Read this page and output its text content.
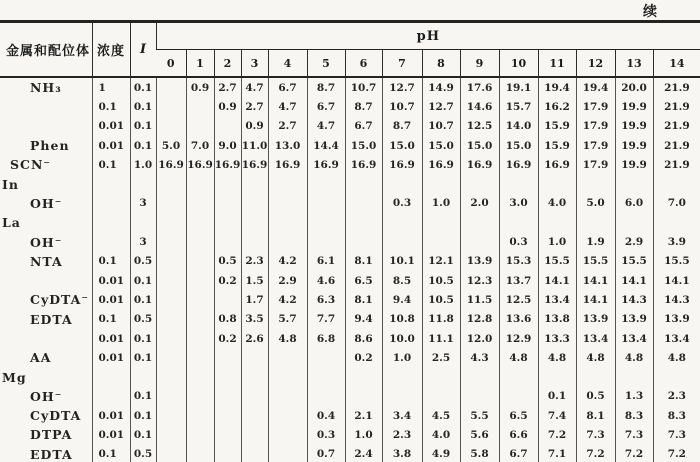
续
金属和配位体	浓度	I	pH														
			0	1	2	3	4	5	6	7	8	9	10	11	12	13	14
NH₃	1	0.1		0.9	2.7	4.7	6.7	8.7	10.7	12.7	14.9	17.6	19.1	19.4	19.4	20.0	21.9
	0.1	0.1			0.9	2.7	4.7	6.7	8.7	10.7	12.7	14.6	15.7	16.2	17.9	19.9	21.9
	0.01	0.1				0.9	2.7	4.7	6.7	8.7	10.7	12.5	14.0	15.9	17.9	19.9	21.9
Phen	0.01	0.1	5.0	7.0	9.0	11.0	13.0	14.4	15.0	15.0	15.0	15.0	15.0	15.9	17.9	19.9	21.9
SCN⁻	0.1	1.0	16.9	16.9	16.9	16.9	16.9	16.9	16.9	16.9	16.9	16.9	16.9	16.9	17.9	19.9	21.9
In																	
OH⁻		3								0.3	1.0	2.0	3.0	4.0	5.0	6.0	7.0
La																	
OH⁻		3											0.3	1.0	1.9	2.9	3.9
NTA	0.1	0.5			0.5	2.3	4.2	6.1	8.1	10.1	12.1	13.9	15.3	15.5	15.5	15.5	15.5
	0.01	0.1			0.2	1.5	2.9	4.6	6.5	8.5	10.5	12.3	13.7	14.1	14.1	14.1	14.1
CyDTA⁻	0.01	0.1				1.7	4.2	6.3	8.1	9.4	10.5	11.5	12.5	13.4	14.1	14.3	14.3
EDTA	0.1	0.5			0.8	3.5	5.7	7.7	9.4	10.8	11.8	12.8	13.6	13.8	13.9	13.9	13.9
	0.01	0.1			0.2	2.6	4.8	6.8	8.6	10.0	11.1	12.0	12.9	13.3	13.4	13.4	13.4
AA	0.01	0.1							0.2	1.0	2.5	4.3	4.8	4.8	4.8	4.8	4.8
Mg																	
OH⁻		0.1												0.1	0.5	1.3	2.3
CyDTA	0.01	0.1						0.4	2.1	3.4	4.5	5.5	6.5	7.4	8.1	8.3	8.3
DTPA	0.01	0.1						0.3	1.0	2.3	4.0	5.6	6.6	7.2	7.3	7.3	7.3
EDTA	0.1	0.5						0.7	2.4	3.8	4.9	5.8	6.7	7.1	7.2	7.2	7.2
